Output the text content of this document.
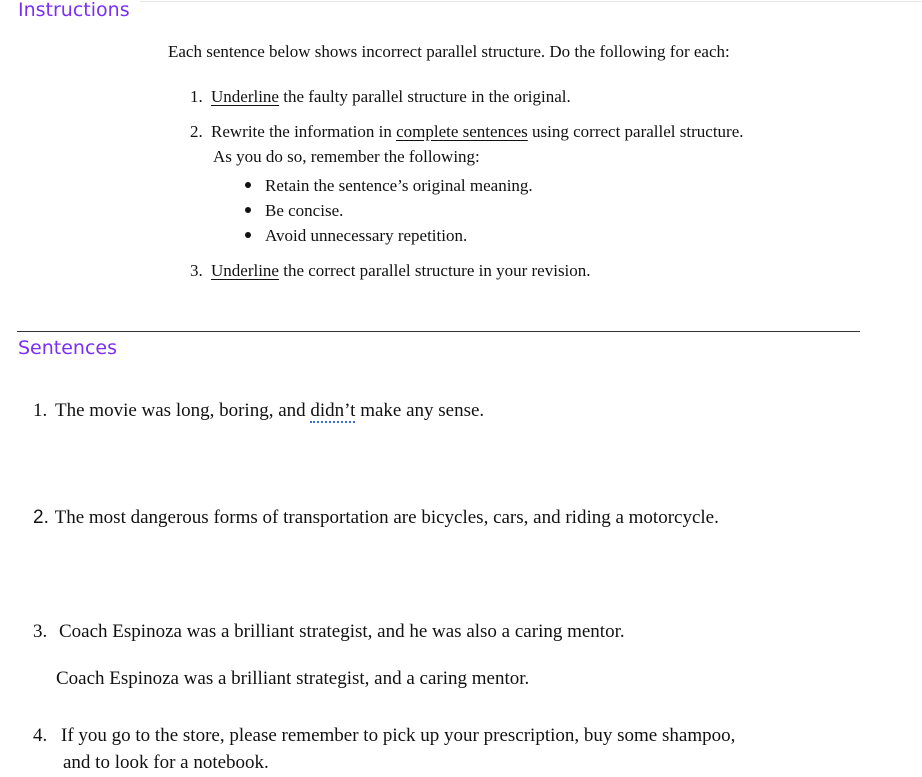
Instructions
Each sentence below shows incorrect parallel structure. Do the following for each:
1. Underline the faulty parallel structure in the original.
2. Rewrite the information in complete sentences using correct parallel structure.
As you do so, remember the following:
Retain the sentence’s original meaning.
Be concise.
Avoid unnecessary repetition.
3. Underline the correct parallel structure in your revision.
Sentences
1. The movie was long, boring, and didn’t make any sense.
2. The most dangerous forms of transportation are bicycles, cars, and riding a motorcycle.
3. Coach Espinoza was a brilliant strategist, and he was also a caring mentor.
Coach Espinoza was a brilliant strategist, and a caring mentor.
4. If you go to the store, please remember to pick up your prescription, buy some shampoo,
and to look for a notebook.
